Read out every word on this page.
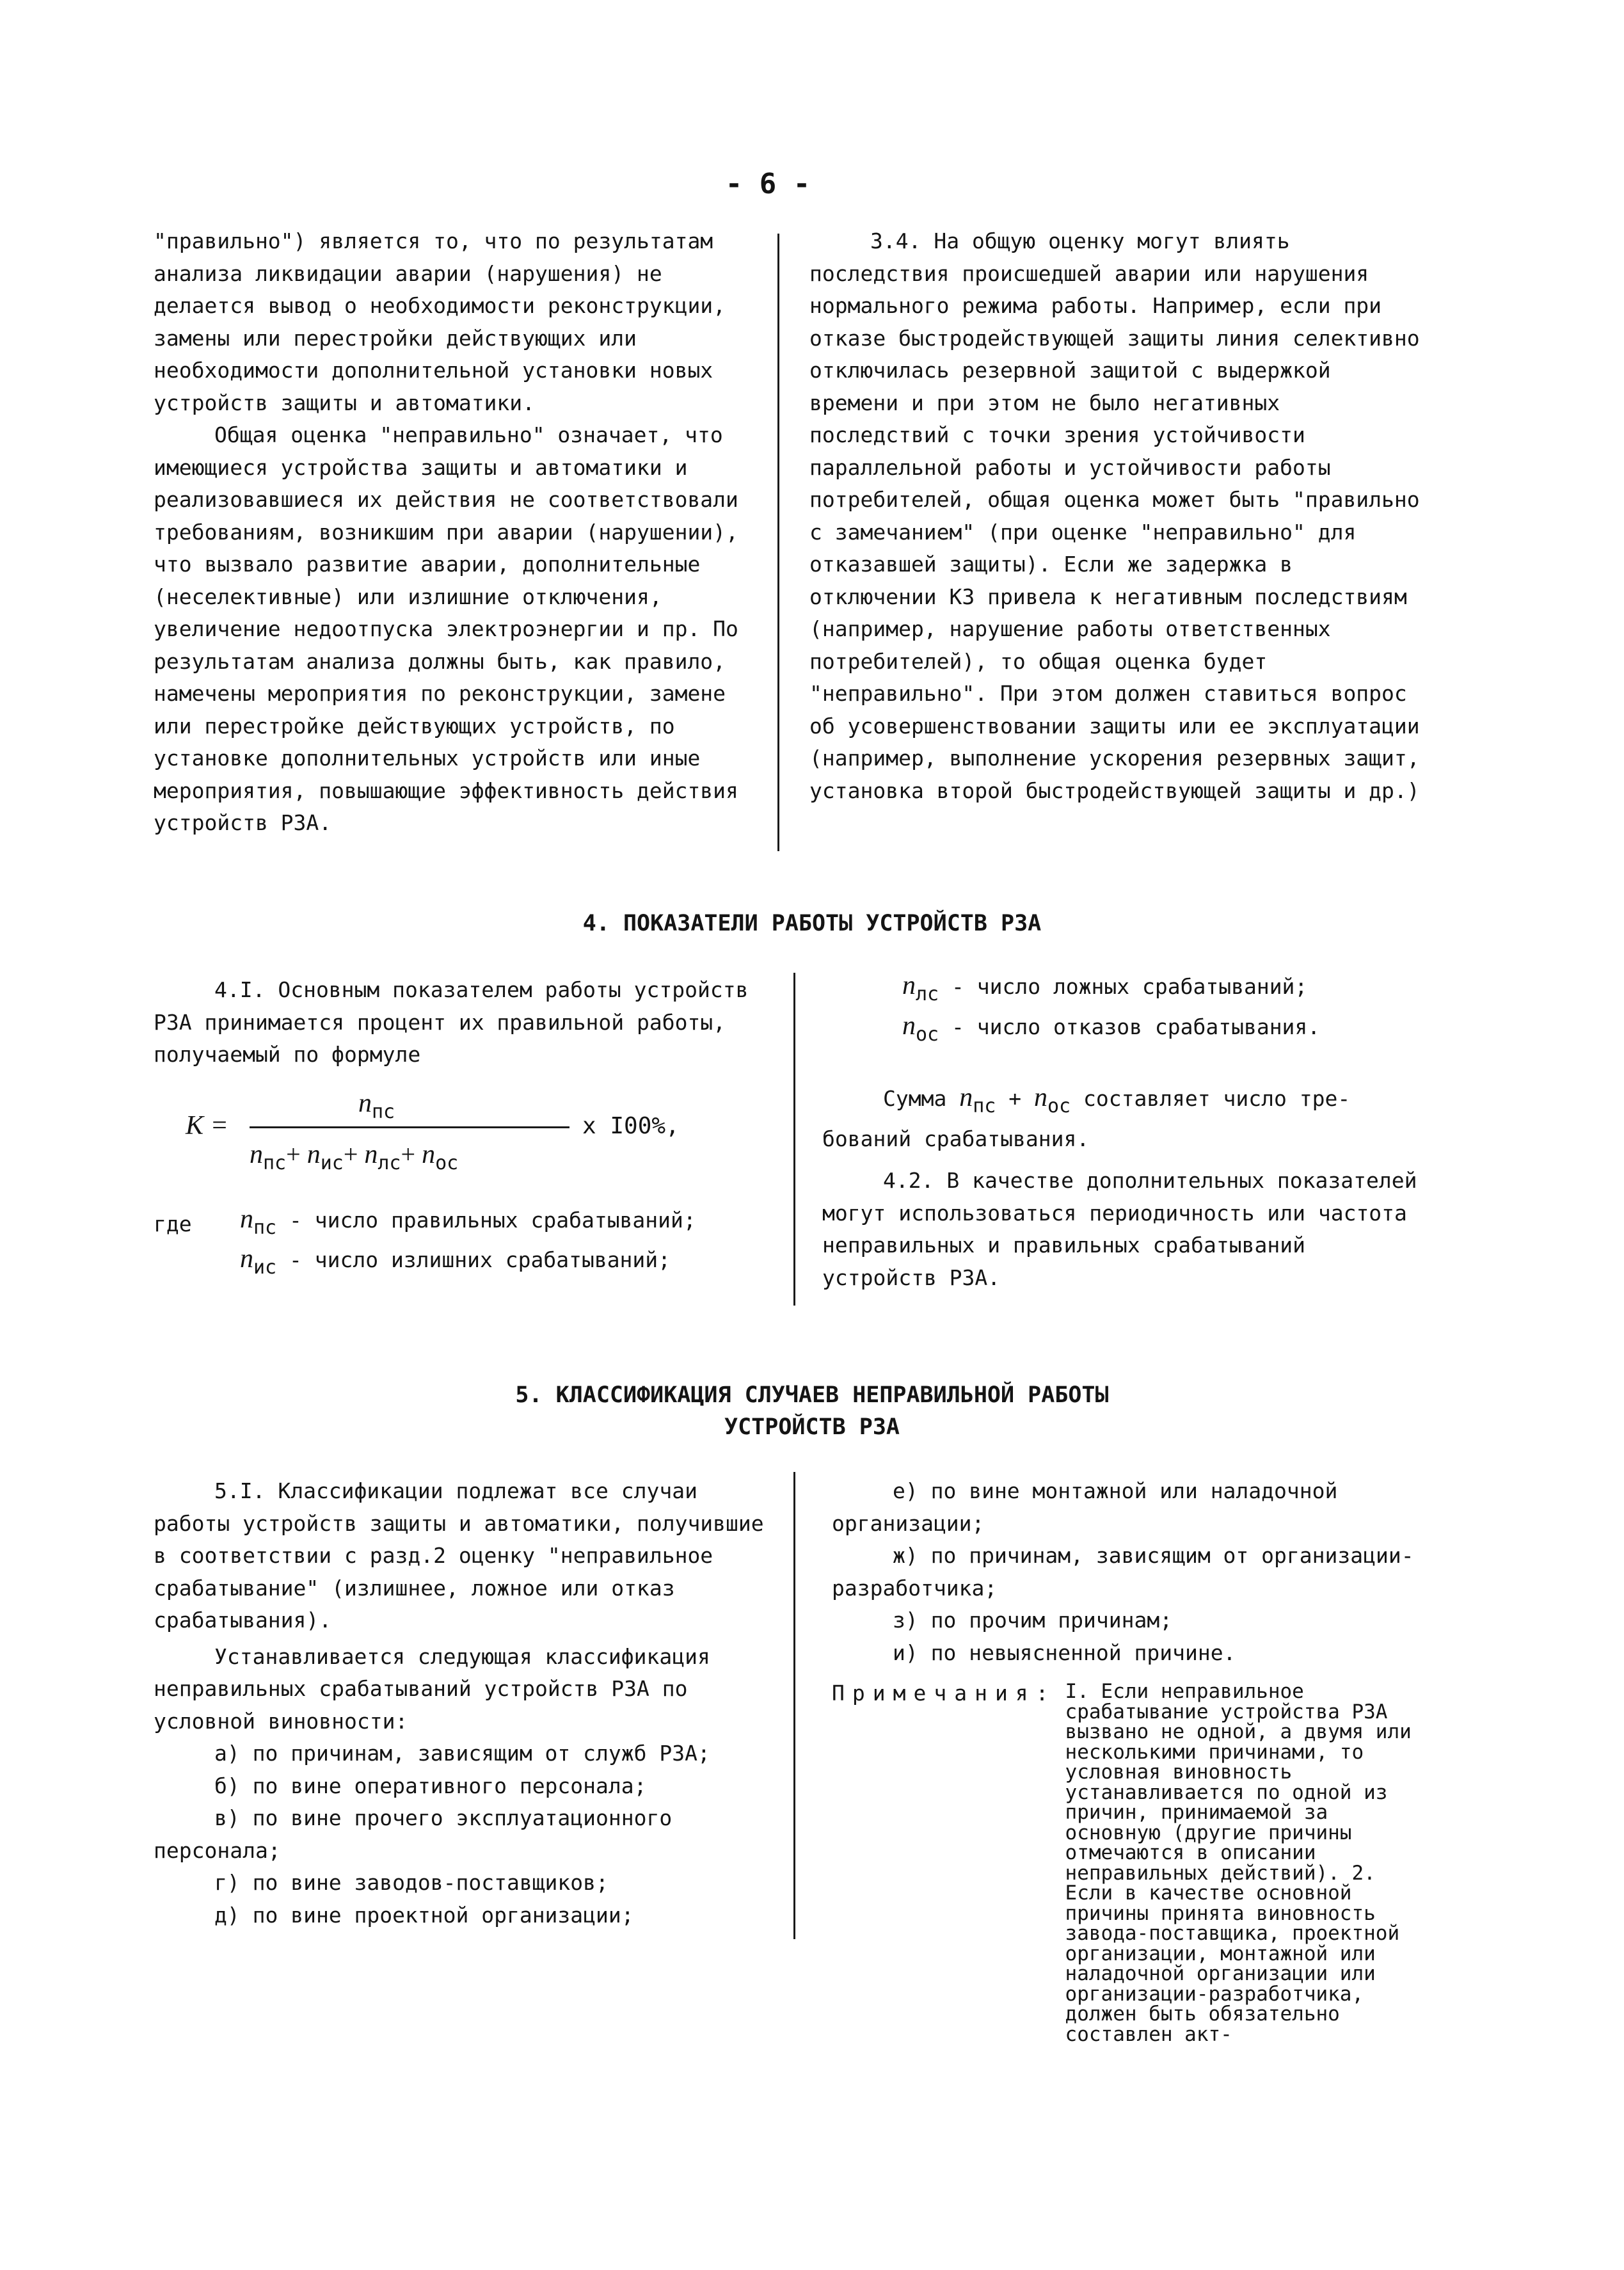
- 6 -

"правильно") является то, что по результатам анализа ликвидации аварии (нарушения) не делается вывод о необходимости реконструкции, замены или перестройки действующих или необходимости дополнительной установки новых устройств защиты и автоматики.

Общая оценка "неправильно" означает, что имеющиеся устройства защиты и автоматики и реализовавшиеся их действия не соответствовали требованиям, возникшим при аварии (нарушении), что вызвало развитие аварии, дополнительные (неселективные) или излишние отключения, увеличение недоотпуска электроэнергии и пр. По результатам анализа должны быть, как правило, намечены мероприятия по реконструкции, замене или перестройке действующих устройств, по установке дополнительных устройств или иные мероприятия, повышающие эффективность действия устройств РЗА.

3.4. На общую оценку могут влиять последствия происшедшей аварии или нарушения нормального режима работы. Например, если при отказе быстродействующей защиты линия селективно отключилась резервной защитой с выдержкой времени и при этом не было негативных последствий с точки зрения устойчивости параллельной работы и устойчивости работы потребителей, общая оценка может быть "правильно с замечанием" (при оценке "неправильно" для отказавшей защиты). Если же задержка в отключении КЗ привела к негативным последствиям (например, нарушение работы ответственных потребителей), то общая оценка будет "неправильно". При этом должен ставиться вопрос об усовершенствовании защиты или ее эксплуатации (например, выполнение ускорения резервных защит, установка второй быстродействующей защиты и др.)

4. ПОКАЗАТЕЛИ РАБОТЫ УСТРОЙСТВ РЗА

4.I. Основным показателем работы устройств РЗА принимается процент их правильной работы, получаемый по формуле

K =
$n_{пс}$
$n_{пс}+ n_{ис}+ n_{лс}+ n_{ос}$
x I00%,
где $n_{пс}$ - число правильных срабатываний;
$n_{ис}$ - число излишних срабатываний;
$n_{лс}$ - число ложных срабатываний;
$n_{ос}$ - число отказов срабатывания.
Сумма $n_{пс} + n_{ос}$ составляет число тре-
бований срабатывания.

4.2. В качестве дополнительных показателей могут использоваться периодичность или частота неправильных и правильных срабатываний устройств РЗА.

5. КЛАССИФИКАЦИЯ СЛУЧАЕВ НЕПРАВИЛЬНОЙ РАБОТЫ
УСТРОЙСТВ РЗА

5.I. Классификации подлежат все случаи работы устройств защиты и автоматики, получившие в соответствии с разд.2 оценку "неправильное срабатывание" (излишнее, ложное или отказ срабатывания).

Устанавливается следующая классификация неправильных срабатываний устройств РЗА по условной виновности:

а) по причинам, зависящим от служб РЗА;

б) по вине оперативного персонала;

в) по вине прочего эксплуатационного персонала;

г) по вине заводов-поставщиков;

д) по вине проектной организации;

е) по вине монтажной или наладочной организации;

ж) по причинам, зависящим от организации-разработчика;

з) по прочим причинам;

и) по невыясненной причине.

Примечания: I. Если неправильное срабатывание устройства РЗА вызвано не одной, а двумя или несколькими причинами, то условная виновность устанавливается по одной из причин, принимаемой за основную (другие причины отмечаются в описании неправильных действий). 2. Если в качестве основной причины принята виновность завода-поставщика, проектной организации, монтажной или наладочной организации или организации-разработчика, должен быть обязательно составлен акт-
